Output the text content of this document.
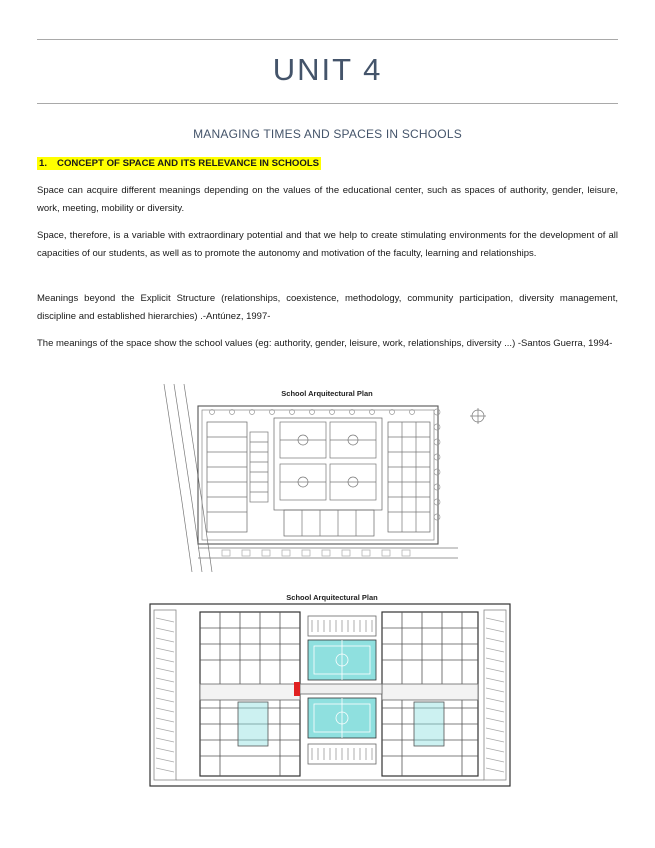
UNIT 4
MANAGING TIMES AND SPACES IN SCHOOLS
1. CONCEPT OF SPACE AND ITS RELEVANCE IN SCHOOLS

Space can acquire different meanings depending on the values of the educational center, such as spaces of authority, gender, leisure, work, meeting, mobility or diversity.

Space, therefore, is a variable with extraordinary potential and that we help to create stimulating environments for the development of all capacities of our students, as well as to promote the autonomy and motivation of the faculty, learning and relationships.

Meanings beyond the Explicit Structure (relationships, coexistence, methodology, community participation, diversity management, discipline and established hierarchies) .-Antúnez, 1997-

The meanings of the space show the school values (eg: authority, gender, leisure, work, relationships, diversity ...) -Santos Guerra, 1994-

School Arquitectural Plan
School Arquitectural Plan
